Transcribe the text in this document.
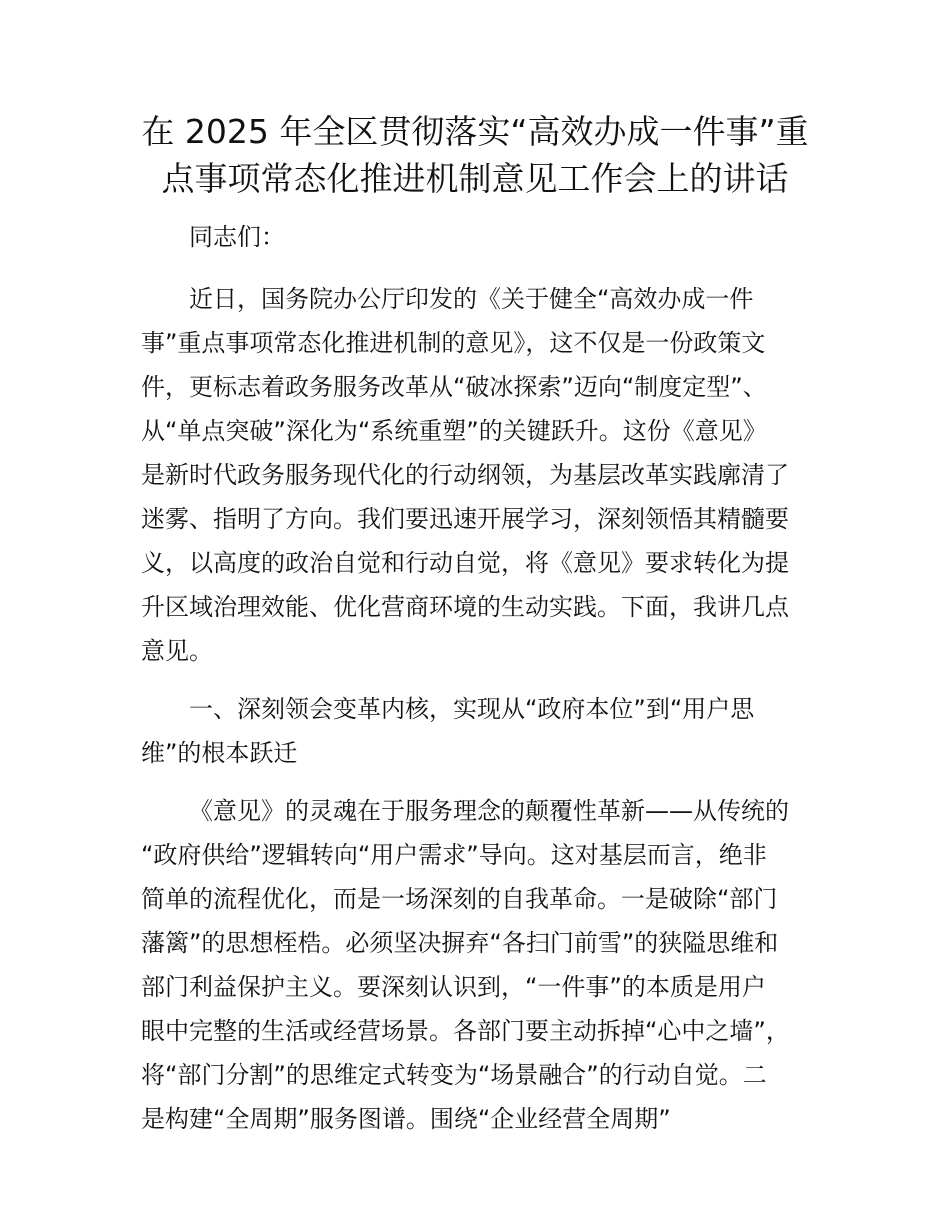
在 2025 年全区贯彻落实“高效办成一件事”重
点事项常态化推进机制意见工作会上的讲话

同志们：

近日，国务院办公厅印发的《关于健全“高效办成一件
事”重点事项常态化推进机制的意见》，这不仅是一份政策文
件，更标志着政务服务改革从“破冰探索”迈向“制度定型”、
从“单点突破”深化为“系统重塑”的关键跃升。这份《意见》
是新时代政务服务现代化的行动纲领，为基层改革实践廓清了
迷雾、指明了方向。我们要迅速开展学习，深刻领悟其精髓要
义，以高度的政治自觉和行动自觉，将《意见》要求转化为提
升区域治理效能、优化营商环境的生动实践。下面，我讲几点
意见。

一、深刻领会变革内核，实现从“政府本位”到“用户思
维”的根本跃迁

《意见》的灵魂在于服务理念的颠覆性革新——从传统的
“政府供给”逻辑转向“用户需求”导向。这对基层而言，绝非
简单的流程优化，而是一场深刻的自我革命。一是破除“部门
藩篱”的思想桎梏。必须坚决摒弃“各扫门前雪”的狭隘思维和
部门利益保护主义。要深刻认识到，“一件事”的本质是用户
眼中完整的生活或经营场景。各部门要主动拆掉“心中之墙”，
将“部门分割”的思维定式转变为“场景融合”的行动自觉。二
是构建“全周期”服务图谱。围绕“企业经营全周期”
